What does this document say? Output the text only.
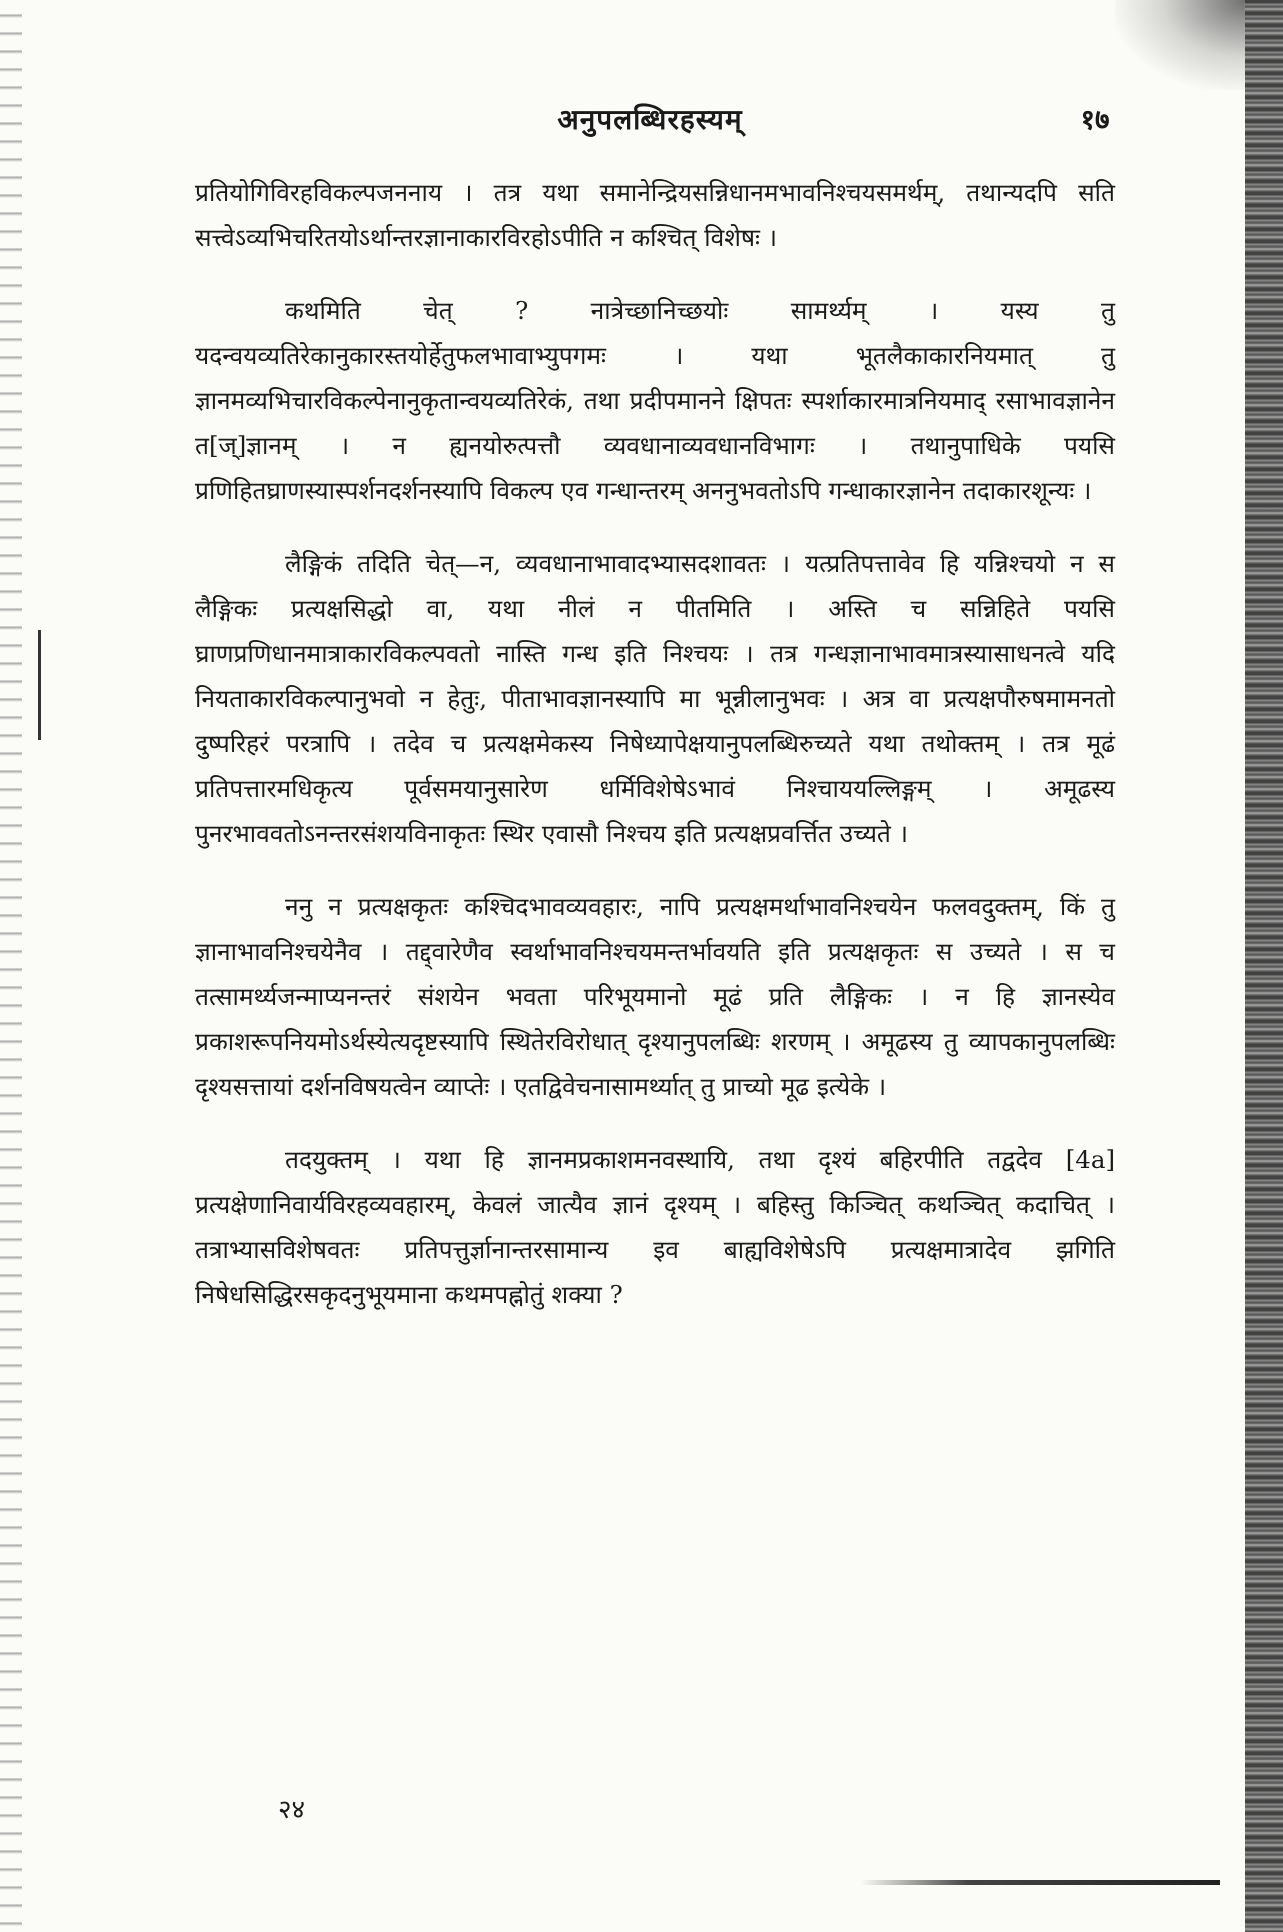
अनुपलब्धिरहस्यम्	१७

प्रतियोगिविरहविकल्पजननाय । तत्र यथा समानेन्द्रियसन्निधानमभावनिश्चयसमर्थम्, तथान्यदपि सति सत्त्वेऽव्यभिचरितयोऽर्थान्तरज्ञानाकारविरहोऽपीति न कश्चित् विशेषः ।

कथमिति चेत् ? नात्रेच्छानिच्छयोः सामर्थ्यम् । यस्य तु यदन्वयव्यतिरेकानुकारस्तयोर्हेतुफलभावाभ्युपगमः । यथा भूतलैकाकारनियमात् तु ज्ञानमव्यभिचारविकल्पेनानुकृतान्वयव्यतिरेकं, तथा प्रदीपमानने क्षिपतः स्पर्शाकारमात्रनियमाद् रसाभावज्ञानेन त[ज्]ज्ञानम् । न ह्यनयोरुत्पत्तौ व्यवधानाव्यवधानविभागः । तथानुपाधिके पयसि प्रणिहितघ्राणस्यास्पर्शनदर्शनस्यापि विकल्प एव गन्धान्तरम् अननुभवतोऽपि गन्धाकारज्ञानेन तदाकारशून्यः ।

लैङ्गिकं तदिति चेत्—न, व्यवधानाभावादभ्यासदशावतः । यत्प्रतिपत्तावेव हि यन्निश्चयो न स लैङ्गिकः प्रत्यक्षसिद्धो वा, यथा नीलं न पीतमिति । अस्ति च सन्निहिते पयसि घ्राणप्रणिधानमात्राकारविकल्पवतो नास्ति गन्ध इति निश्चयः । तत्र गन्धज्ञानाभावमात्रस्यासाधनत्वे यदि नियताकारविकल्पानुभवो न हेतुः, पीताभावज्ञानस्यापि मा भून्नीलानुभवः । अत्र वा प्रत्यक्षपौरुषमामनतो दुष्परिहरं परत्रापि । तदेव च प्रत्यक्षमेकस्य निषेध्यापेक्षयानुपलब्धिरुच्यते यथा तथोक्तम् । तत्र मूढं प्रतिपत्तारमधिकृत्य पूर्वसमयानुसारेण धर्मिविशेषेऽभावं निश्चाययल्लिङ्गम् । अमूढस्य पुनरभाववतोऽनन्तरसंशयविनाकृतः स्थिर एवासौ निश्चय इति प्रत्यक्षप्रवर्त्तित उच्यते ।

ननु न प्रत्यक्षकृतः कश्चिदभावव्यवहारः, नापि प्रत्यक्षमर्थाभावनिश्चयेन फलवदुक्तम्, किं तु ज्ञानाभावनिश्चयेनैव । तद्द्वारेणैव स्वर्थाभावनिश्चयमन्तर्भावयति इति प्रत्यक्षकृतः स उच्यते । स च तत्सामर्थ्यजन्माप्यनन्तरं संशयेन भवता परिभूयमानो मूढं प्रति लैङ्गिकः । न हि ज्ञानस्येव प्रकाशरूपनियमोऽर्थस्येत्यदृष्टस्यापि स्थितेरविरोधात् दृश्यानुपलब्धिः शरणम् । अमूढस्य तु व्यापकानुपलब्धिः दृश्यसत्तायां दर्शनविषयत्वेन व्याप्तेः । एतद्विवेचनासामर्थ्यात् तु प्राच्यो मूढ इत्येके ।

तदयुक्तम् । यथा हि ज्ञानमप्रकाशमनवस्थायि, तथा दृश्यं बहिरपीति तद्वदेव [4a] प्रत्यक्षेणानिवार्यविरहव्यवहारम्, केवलं जात्यैव ज्ञानं दृश्यम् । बहिस्तु किञ्चित् कथञ्चित् कदाचित् । तत्राभ्यासविशेषवतः प्रतिपत्तुर्ज्ञानान्तरसामान्य इव बाह्यविशेषेऽपि प्रत्यक्षमात्रादेव झगिति निषेधसिद्धिरसकृदनुभूयमाना कथमपह्नोतुं शक्या ?

२४
